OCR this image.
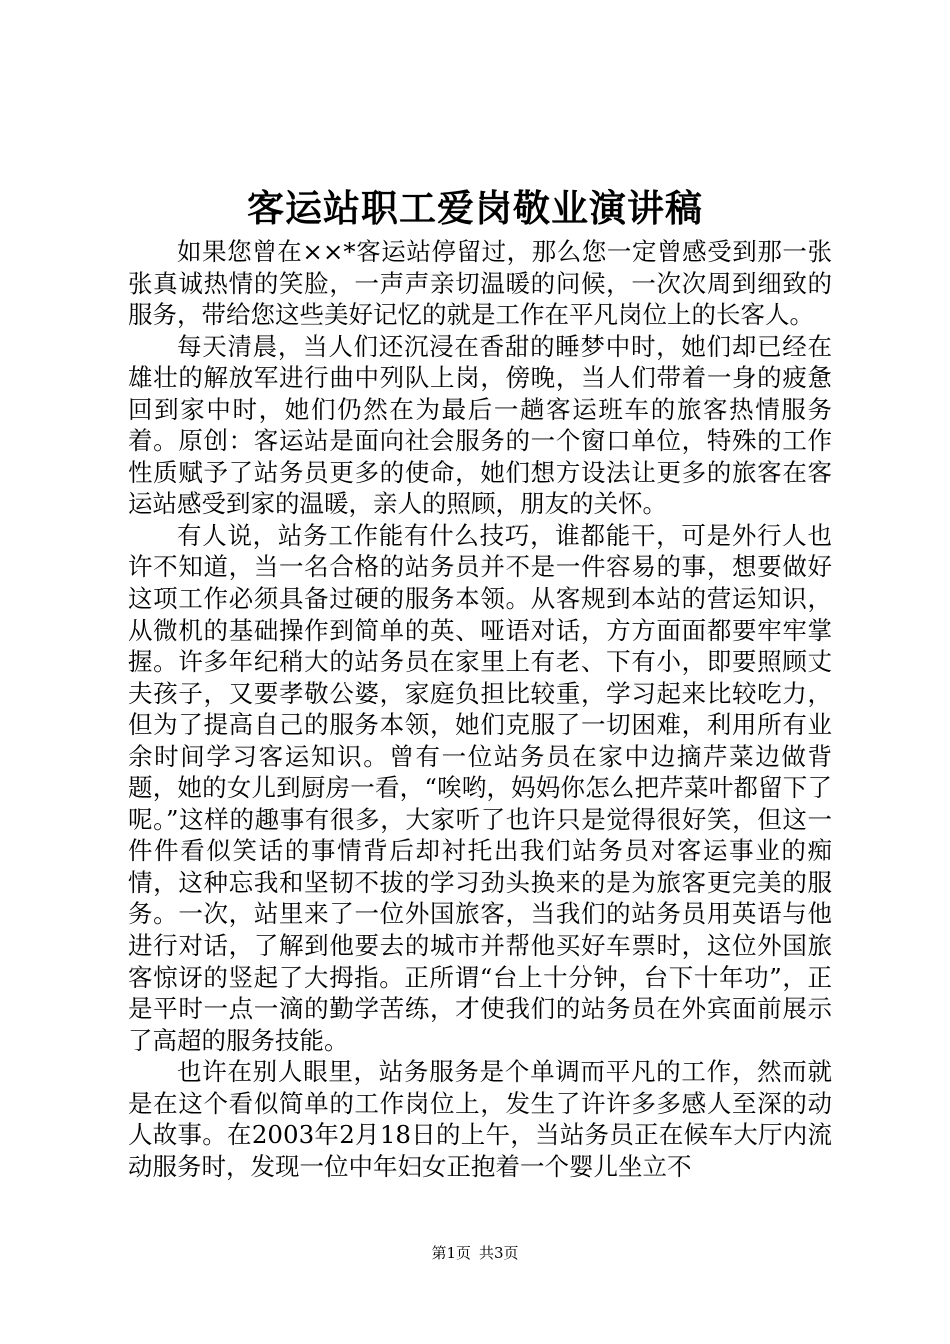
客运站职工爱岗敬业演讲稿

如果您曾在××*客运站停留过，那么您一定曾感受到那一张张真诚热情的笑脸，一声声亲切温暖的问候，一次次周到细致的服务，带给您这些美好记忆的就是工作在平凡岗位上的长客人。

每天清晨，当人们还沉浸在香甜的睡梦中时，她们却已经在雄壮的解放军进行曲中列队上岗，傍晚，当人们带着一身的疲惫回到家中时，她们仍然在为最后一趟客运班车的旅客热情服务着。原创：客运站是面向社会服务的一个窗口单位，特殊的工作性质赋予了站务员更多的使命，她们想方设法让更多的旅客在客运站感受到家的温暖，亲人的照顾，朋友的关怀。

有人说，站务工作能有什么技巧，谁都能干，可是外行人也许不知道，当一名合格的站务员并不是一件容易的事，想要做好这项工作必须具备过硬的服务本领。从客规到本站的营运知识，从微机的基础操作到简单的英、哑语对话，方方面面都要牢牢掌握。许多年纪稍大的站务员在家里上有老、下有小，即要照顾丈夫孩子，又要孝敬公婆，家庭负担比较重，学习起来比较吃力，但为了提高自己的服务本领，她们克服了一切困难，利用所有业余时间学习客运知识。曾有一位站务员在家中边摘芹菜边做背题，她的女儿到厨房一看，“唉哟，妈妈你怎么把芹菜叶都留下了呢。”这样的趣事有很多，大家听了也许只是觉得很好笑，但这一件件看似笑话的事情背后却衬托出我们站务员对客运事业的痴情，这种忘我和坚韧不拔的学习劲头换来的是为旅客更完美的服务。一次，站里来了一位外国旅客，当我们的站务员用英语与他进行对话，了解到他要去的城市并帮他买好车票时，这位外国旅客惊讶的竖起了大拇指。正所谓“台上十分钟，台下十年功”，正是平时一点一滴的勤学苦练，才使我们的站务员在外宾面前展示了高超的服务技能。

也许在别人眼里，站务服务是个单调而平凡的工作，然而就是在这个看似简单的工作岗位上，发生了许许多多感人至深的动人故事。在2003年2月18日的上午，当站务员正在候车大厅内流动服务时，发现一位中年妇女正抱着一个婴儿坐立不

第1页 共3页
